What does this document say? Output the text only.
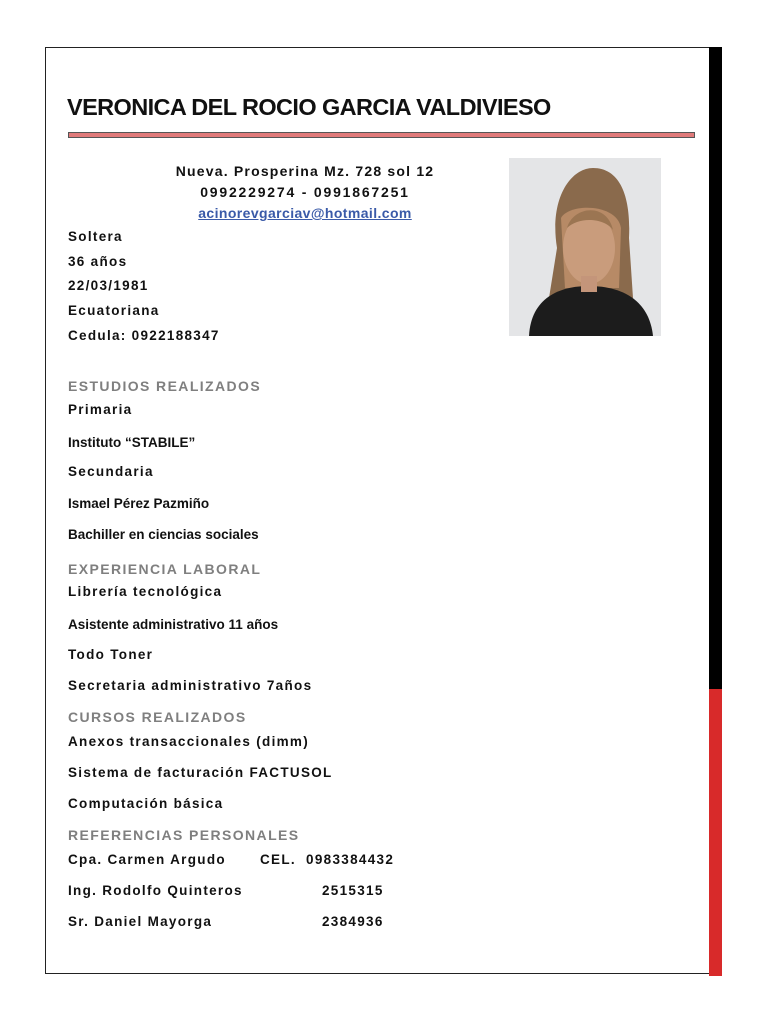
VERONICA DEL ROCIO GARCIA VALDIVIESO
Nueva. Prosperina Mz. 728 sol 12
0992229274 - 0991867251
acinorevgarciav@hotmail.com
Soltera
36 años
22/03/1981
Ecuatoriana
Cedula: 0922188347
ESTUDIOS REALIZADOS
Primaria
Instituto “STABILE”
Secundaria
Ismael Pérez Pazmiño
Bachiller en ciencias sociales
EXPERIENCIA LABORAL
Librería tecnológica
Asistente administrativo 11 años
Todo Toner
Secretaria administrativo 7años
CURSOS REALIZADOS
Anexos transaccionales (dimm)
Sistema de facturación FACTUSOL
Computación básica
REFERENCIAS PERSONALES
Cpa. Carmen Argudo	CEL.  0983384432
Ing. Rodolfo Quinteros	2515315
Sr. Daniel Mayorga	2384936
